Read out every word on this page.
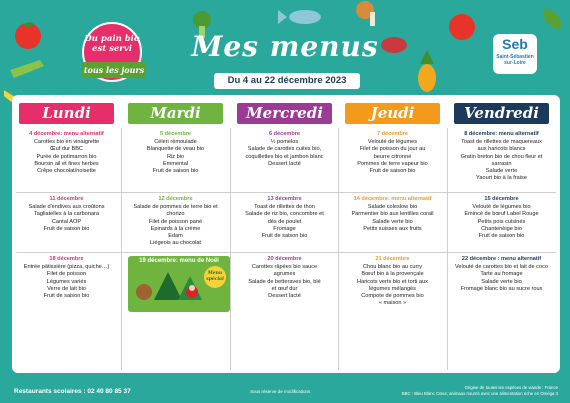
Du pain bio
est servi
tous les jours
Mes menus
Du 4 au 22 décembre 2023
Seb
Saint-Sébastien
sur-Loire
Lundi	Mardi	Mercredi	Jeudi	Vendredi
4 décembre: menu alternatif
Carottes bio en vinaigrette
Œuf dur BBC
Purée de potimarron bio
Boursin ail et fines herbes
Crêpe chocolat/noisette
5 décembre
Céleri rémoulade
Blanquette de veau bio
Riz bio
Emmental
Fruit de saison bio
6 décembre
½ pomelos
Salade de carottes cuites bio,
coquillettes bio et jambon blanc
Dessert lacté
7 décembre
Velouté de légumes
Filet de poisson du jour au
beurre citronné
Pommes de terre vapeur bio
Fruit de saison bio
8 décembre: menu alternatif
Toast de rillettes de maquereaux
aux haricots blancs
Gratin breton bio de chou fleur et
sarrasin
Salade verte
Yaourt bio à la fraise
11 décembre
Salade d'endives aux croûtons
Tagliatelles à la carbonara
Cantal AOP
Fruit de saison bio
12 décembre
Salade de pommes de terre bio et
chorizo
Filet de poisson pané
Epinards à la crème
Edam
Liégeois au chocolat
13 décembre
Toast de rillettes de thon
Salade de riz bio, concombre et
dés de poulet
Fromage
Fruit de saison bio
14 décembre: menu alternatif
Salade coleslow bio
Parmentier bio aux lentilles corail
Salade verte bio
Petits suisses aux fruits
15 décembre
Velouté de légumes bio
Emincé de bœuf Label Rouge
Petits pois cuisinés
Chantenèige bio
Fruit de saison bio
18 décembre
Entrée pâtissière (pizza, quiche…)
Filet de poisson
Légumes variés
Verre de lait bio
Fruit de saison bio
20 décembre
Carottes râpées bio sauce
agrumes
Salade de betteraves bio, blé
et œuf dur
Dessert lacté
21 décembre
Chou blanc bio au curry
Bœuf bio à la provençale
Haricots verts bio et torti aux
légumes mélangés
Compote de pommes bio
« maison »
22 décembre : menu alternatif
Velouté de carottes bio et lait de coco
Tarte au fromage
Salade verte bio
Fromage blanc bio au sucre roux
19 décembre: menu de Noël
Menu spécial
Restaurants scolaires : 02 40 80 85 37	Sous réserve de modifications
Origine de toutes les espèces de viande : France
BBC : Bleu Blanc Cœur, animaux nourris avec une alimentation riche en Oméga 3
